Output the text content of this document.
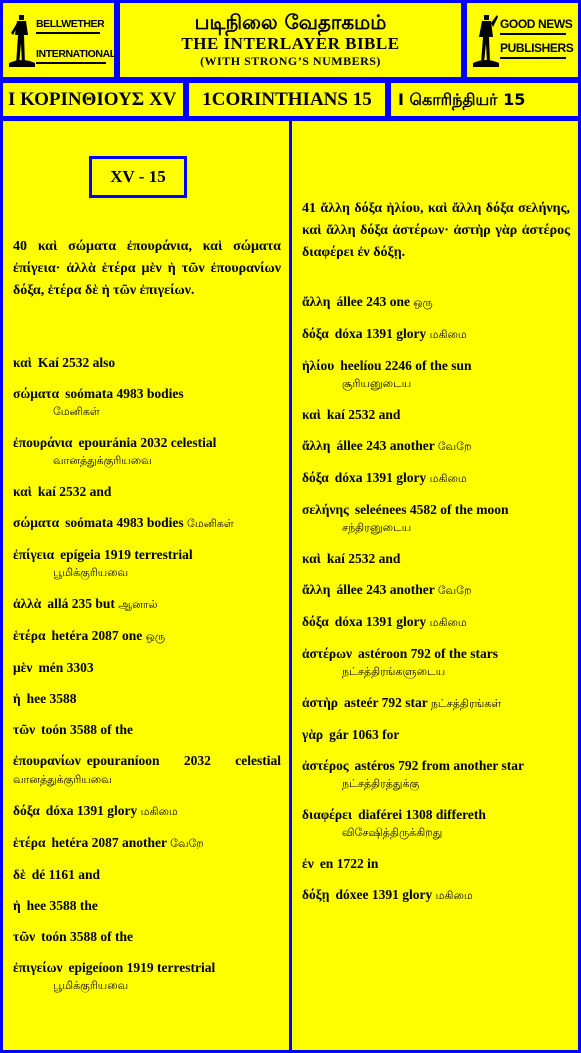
BELLWETHER
INTERNATIONAL
படிநிலை வேதாகமம்
THE INTERLAYER BIBLE
(WITH STRONG’S NUMBERS)
GOOD NEWS
PUBLISHERS
Ι ΚΟΡΙΝΘΙΟΥΣ XV	1CORINTHIANS 15	I கொரிந்தியர் 15
XV - 15
40 καὶ σώματα ἐπουράνια, καὶ σώματα ἐπίγεια· ἀλλὰ ἑτέρα μὲν ἡ τῶν ἐπουρανίων δόξα, ἑτέρα δὲ ἡ τῶν ἐπιγείων.
καὶ Kaí 2532 also
σώματα soómata 4983 bodies
மேனிகள்
ἐπουράνια epouránia 2032 celestial
வானத்துக்குரியவை
καὶ kaí 2532 and
σώματα soómata 4983 bodies மேனிகள்
ἐπίγεια epígeia 1919 terrestrial
பூமிக்குரியவை
ἀλλὰ allá 235 but ஆனால்
ἑτέρα hetéra 2087 one ஒரு
μὲν mén 3303
ἡ hee 3588
τῶν toón 3588 of the
ἐπουρανίων epouraníoon 2032 celestial வானத்துக்குரியவை
δόξα dóxa 1391 glory மகிமை
ἑτέρα hetéra 2087 another வேறே
δὲ dé 1161 and
ἡ hee 3588 the
τῶν toón 3588 of the
ἐπιγείων epigeíoon 1919 terrestrial
பூமிக்குரியவை
41 ἄλλη δόξα ἡλίου, καὶ ἄλλη δόξα σελήνης, καὶ ἄλλη δόξα ἀστέρων· ἀστὴρ γὰρ ἀστέρος διαφέρει ἐν δόξῃ.
ἄλλη állee 243 one ஒரு
δόξα dóxa 1391 glory மகிமை
ἡλίου heelíou 2246 of the sun
சூரியனுடைய
καὶ kaí 2532 and
ἄλλη állee 243 another வேறே
δόξα dóxa 1391 glory மகிமை
σελήνης seleénees 4582 of the moon
சந்திரனுடைய
καὶ kaí 2532 and
ἄλλη állee 243 another வேறே
δόξα dóxa 1391 glory மகிமை
ἀστέρων astéroon 792 of the stars
நட்சத்திரங்களுடைய
ἀστὴρ asteér 792 star நட்சத்திரங்கள்
γὰρ gár 1063 for
ἀστέρος astéros 792 from another star
நட்சத்திரத்துக்கு
διαφέρει diaférei 1308 differeth
விசேஷித்திருக்கிறது
ἐν en 1722 in
δόξῃ dóxee 1391 glory மகிமை
